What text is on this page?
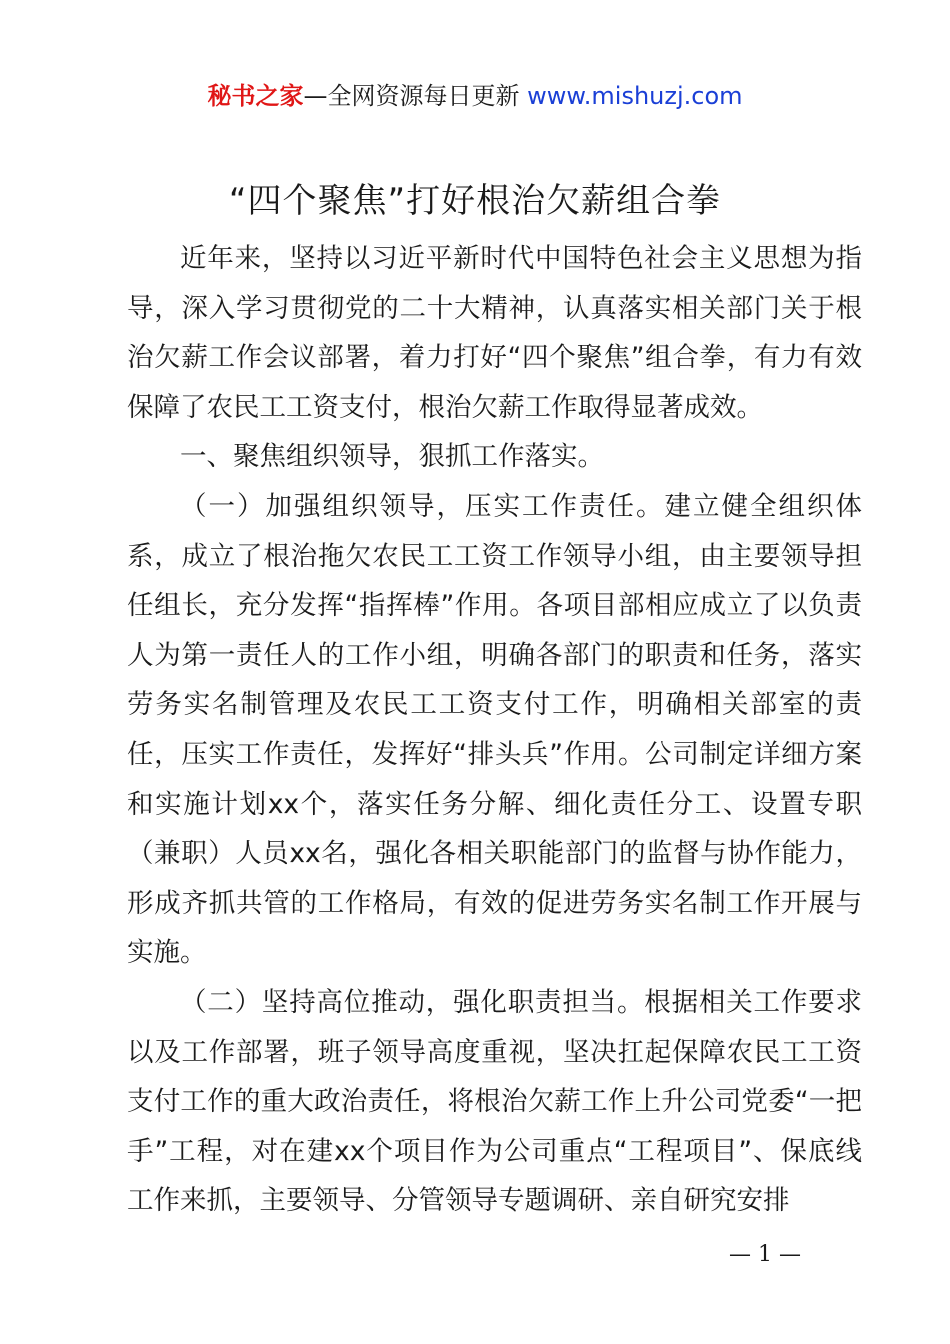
秘书之家—全网资源每日更新 www.mishuzj.com
“四个聚焦”打好根治欠薪组合拳

近年来，坚持以习近平新时代中国特色社会主义思想为指导，深入学习贯彻党的二十大精神，认真落实相关部门关于根治欠薪工作会议部署，着力打好“四个聚焦”组合拳，有力有效保障了农民工工资支付，根治欠薪工作取得显著成效。

一、聚焦组织领导，狠抓工作落实。

（一）加强组织领导，压实工作责任。建立健全组织体系，成立了根治拖欠农民工工资工作领导小组，由主要领导担任组长，充分发挥“指挥棒”作用。各项目部相应成立了以负责人为第一责任人的工作小组，明确各部门的职责和任务，落实劳务实名制管理及农民工工资支付工作，明确相关部室的责任，压实工作责任，发挥好“排头兵”作用。公司制定详细方案和实施计划xx个，落实任务分解、细化责任分工、设置专职（兼职）人员xx名，强化各相关职能部门的监督与协作能力，形成齐抓共管的工作格局，有效的促进劳务实名制工作开展与实施。

（二）坚持高位推动，强化职责担当。根据相关工作要求以及工作部署，班子领导高度重视，坚决扛起保障农民工工资支付工作的重大政治责任，将根治欠薪工作上升公司党委“一把手”工程，对在建xx个项目作为公司重点“工程项目”、保底线工作来抓，主要领导、分管领导专题调研、亲自研究安排

— 1 —
